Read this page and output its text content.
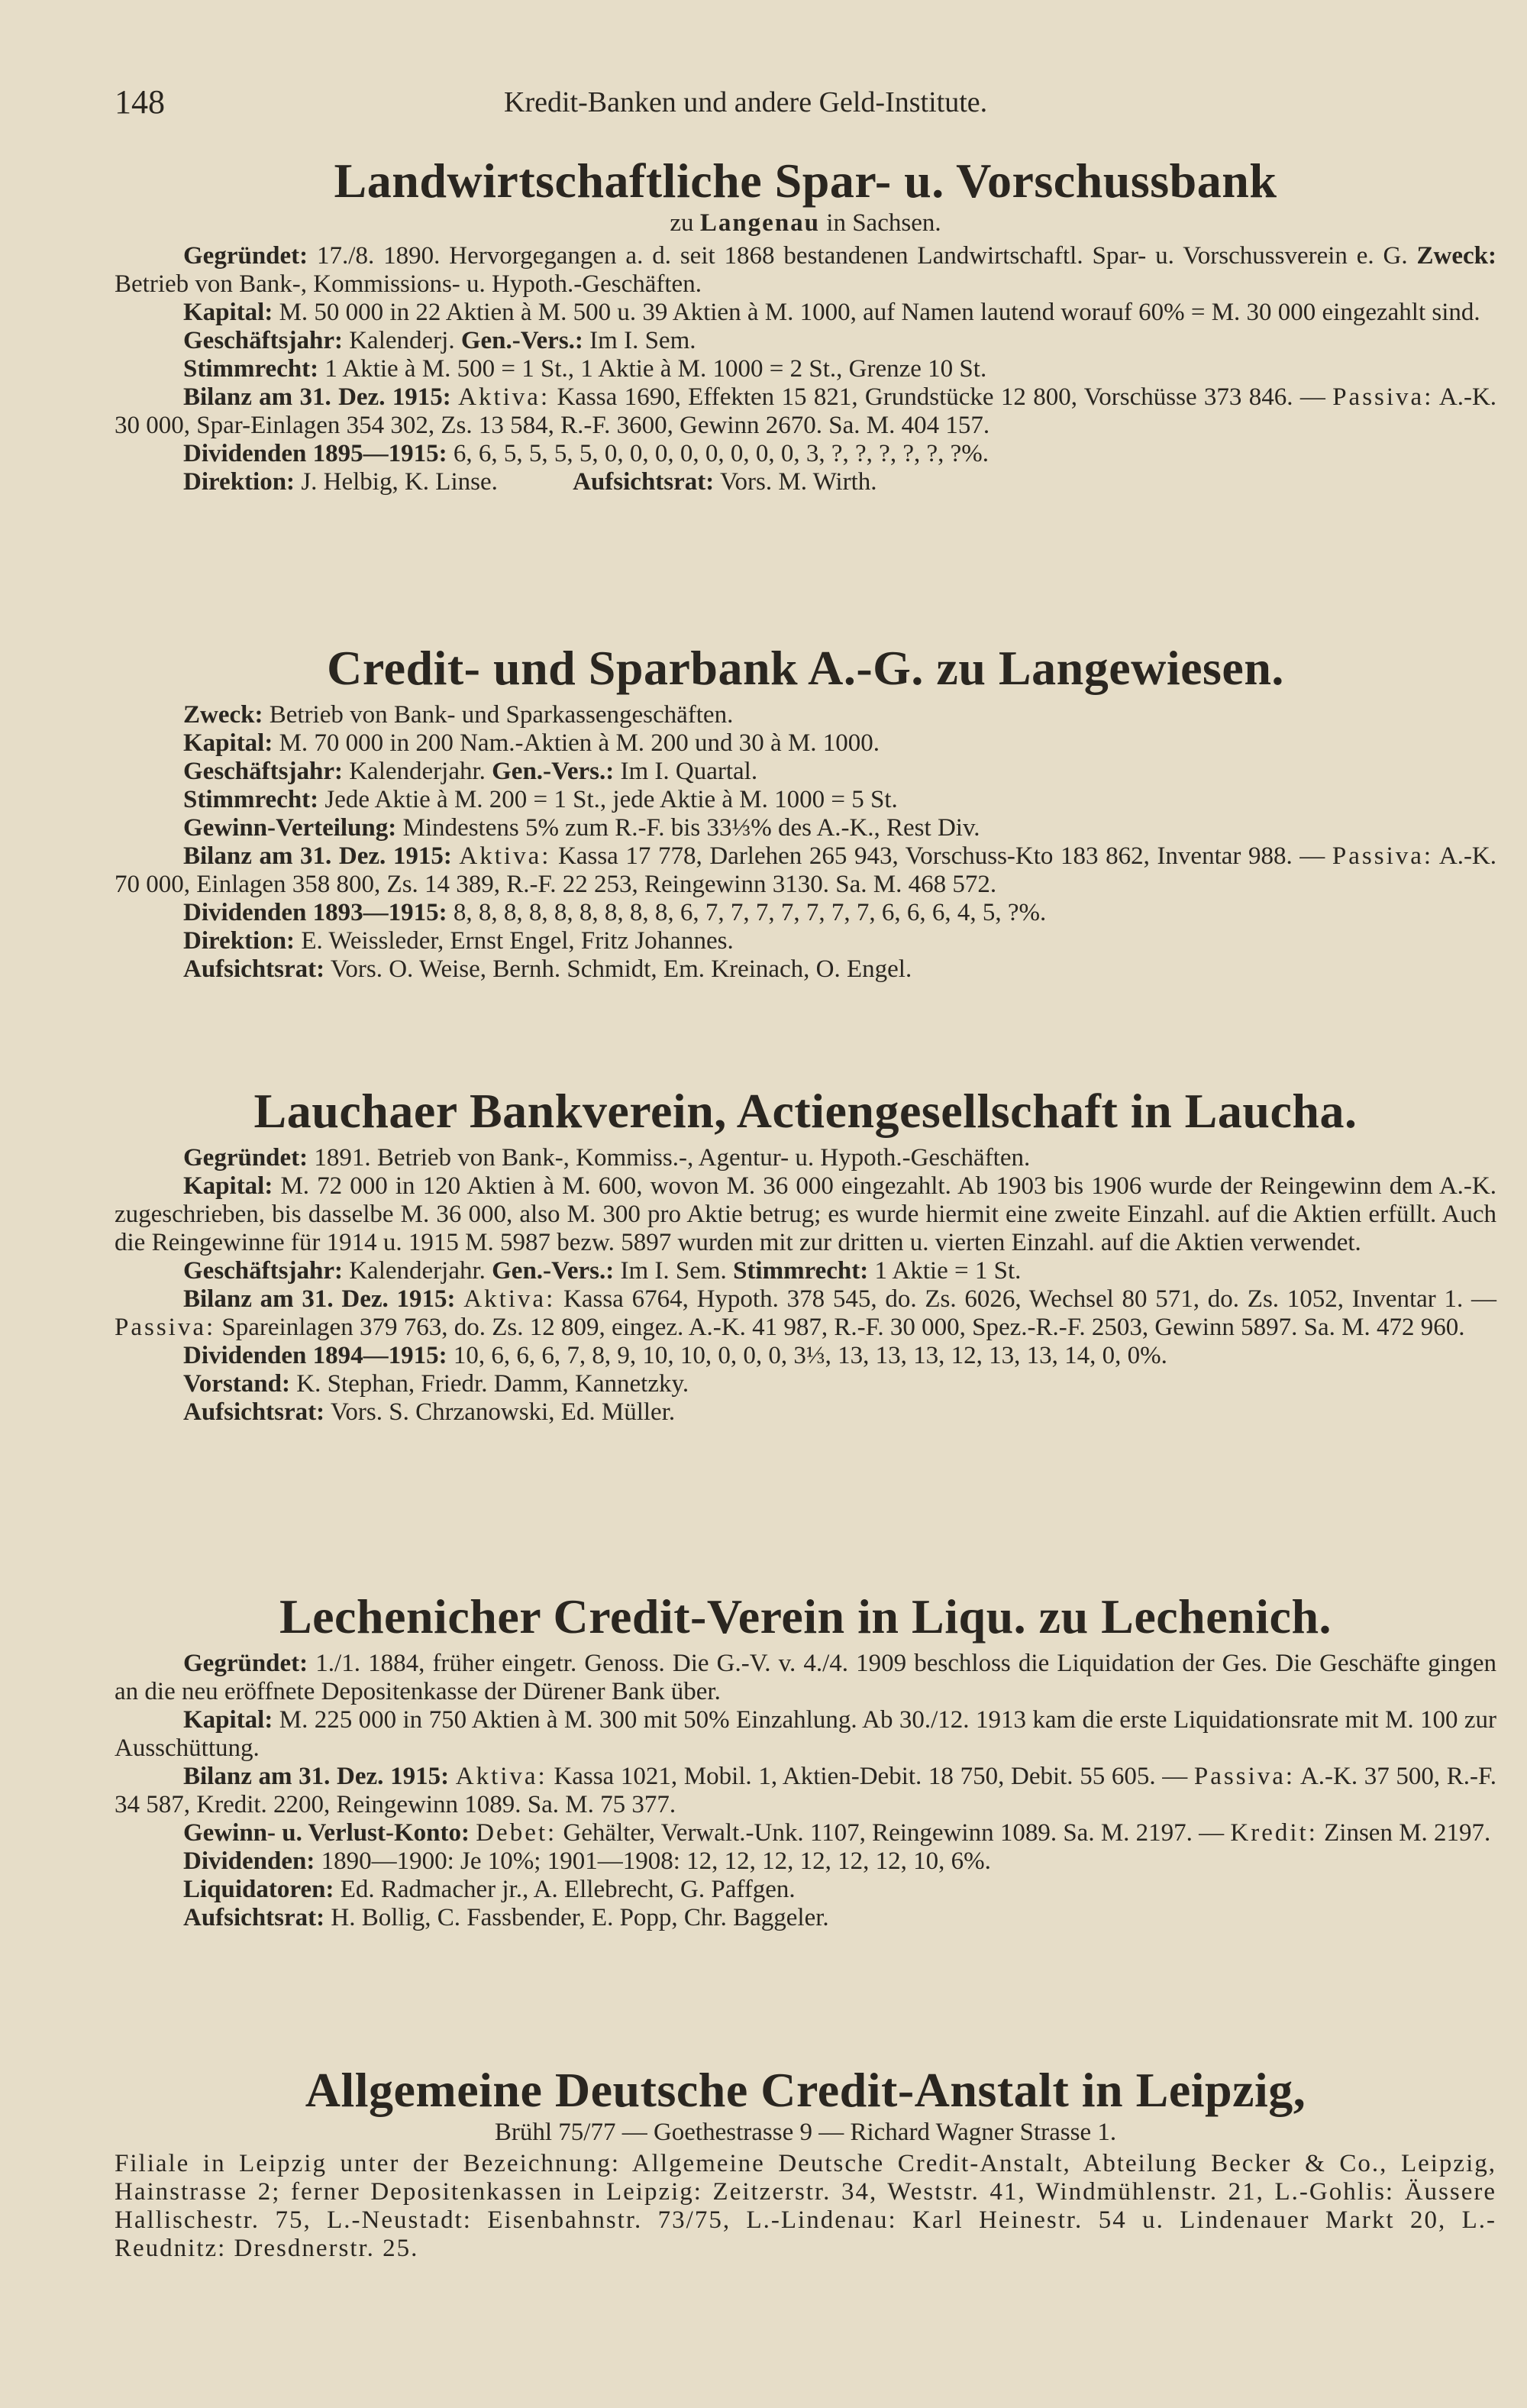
148	Kredit-Banken und andere Geld-Institute.
Landwirtschaftliche Spar- u. Vorschussbank
zu Langenau in Sachsen.
Gegründet: 17./8. 1890. Hervorgegangen a. d. seit 1868 bestandenen Landwirtschaftl. Spar- u. Vorschussverein e. G. Zweck: Betrieb von Bank-, Kommissions- u. Hypoth.-Geschäften.
Kapital: M. 50 000 in 22 Aktien à M. 500 u. 39 Aktien à M. 1000, auf Namen lautend worauf 60% = M. 30 000 eingezahlt sind.
Geschäftsjahr: Kalenderj. Gen.-Vers.: Im I. Sem.
Stimmrecht: 1 Aktie à M. 500 = 1 St., 1 Aktie à M. 1000 = 2 St., Grenze 10 St.
Bilanz am 31. Dez. 1915: Aktiva: Kassa 1690, Effekten 15 821, Grundstücke 12 800, Vorschüsse 373 846. — Passiva: A.-K. 30 000, Spar-Einlagen 354 302, Zs. 13 584, R.-F. 3600, Gewinn 2670. Sa. M. 404 157.
Dividenden 1895—1915: 6, 6, 5, 5, 5, 5, 0, 0, 0, 0, 0, 0, 0, 0, 3, ?, ?, ?, ?, ?, ?%.
Direktion: J. Helbig, K. Linse.	Aufsichtsrat: Vors. M. Wirth.
Credit- und Sparbank A.-G. zu Langewiesen.
Zweck: Betrieb von Bank- und Sparkassengeschäften.
Kapital: M. 70 000 in 200 Nam.-Aktien à M. 200 und 30 à M. 1000.
Geschäftsjahr: Kalenderjahr. Gen.-Vers.: Im I. Quartal.
Stimmrecht: Jede Aktie à M. 200 = 1 St., jede Aktie à M. 1000 = 5 St.
Gewinn-Verteilung: Mindestens 5% zum R.-F. bis 33⅓% des A.-K., Rest Div.
Bilanz am 31. Dez. 1915: Aktiva: Kassa 17 778, Darlehen 265 943, Vorschuss-Kto 183 862, Inventar 988. — Passiva: A.-K. 70 000, Einlagen 358 800, Zs. 14 389, R.-F. 22 253, Reingewinn 3130. Sa. M. 468 572.
Dividenden 1893—1915: 8, 8, 8, 8, 8, 8, 8, 8, 8, 6, 7, 7, 7, 7, 7, 7, 7, 6, 6, 6, 4, 5, ?%.
Direktion: E. Weissleder, Ernst Engel, Fritz Johannes.
Aufsichtsrat: Vors. O. Weise, Bernh. Schmidt, Em. Kreinach, O. Engel.
Lauchaer Bankverein, Actiengesellschaft in Laucha.
Gegründet: 1891. Betrieb von Bank-, Kommiss.-, Agentur- u. Hypoth.-Geschäften.
Kapital: M. 72 000 in 120 Aktien à M. 600, wovon M. 36 000 eingezahlt. Ab 1903 bis 1906 wurde der Reingewinn dem A.-K. zugeschrieben, bis dasselbe M. 36 000, also M. 300 pro Aktie betrug; es wurde hiermit eine zweite Einzahl. auf die Aktien erfüllt. Auch die Reingewinne für 1914 u. 1915 M. 5987 bezw. 5897 wurden mit zur dritten u. vierten Einzahl. auf die Aktien verwendet.
Geschäftsjahr: Kalenderjahr. Gen.-Vers.: Im I. Sem. Stimmrecht: 1 Aktie = 1 St.
Bilanz am 31. Dez. 1915: Aktiva: Kassa 6764, Hypoth. 378 545, do. Zs. 6026, Wechsel 80 571, do. Zs. 1052, Inventar 1. — Passiva: Spareinlagen 379 763, do. Zs. 12 809, eingez. A.-K. 41 987, R.-F. 30 000, Spez.-R.-F. 2503, Gewinn 5897. Sa. M. 472 960.
Dividenden 1894—1915: 10, 6, 6, 6, 7, 8, 9, 10, 10, 0, 0, 0, 3⅓, 13, 13, 13, 12, 13, 13, 14, 0, 0%.
Vorstand: K. Stephan, Friedr. Damm, Kannetzky.
Aufsichtsrat: Vors. S. Chrzanowski, Ed. Müller.
Lechenicher Credit-Verein in Liqu. zu Lechenich.
Gegründet: 1./1. 1884, früher eingetr. Genoss. Die G.-V. v. 4./4. 1909 beschloss die Liquidation der Ges. Die Geschäfte gingen an die neu eröffnete Depositenkasse der Dürener Bank über.
Kapital: M. 225 000 in 750 Aktien à M. 300 mit 50% Einzahlung. Ab 30./12. 1913 kam die erste Liquidationsrate mit M. 100 zur Ausschüttung.
Bilanz am 31. Dez. 1915: Aktiva: Kassa 1021, Mobil. 1, Aktien-Debit. 18 750, Debit. 55 605. — Passiva: A.-K. 37 500, R.-F. 34 587, Kredit. 2200, Reingewinn 1089. Sa. M. 75 377.
Gewinn- u. Verlust-Konto: Debet: Gehälter, Verwalt.-Unk. 1107, Reingewinn 1089. Sa. M. 2197. — Kredit: Zinsen M. 2197.
Dividenden: 1890—1900: Je 10%; 1901—1908: 12, 12, 12, 12, 12, 12, 10, 6%.
Liquidatoren: Ed. Radmacher jr., A. Ellebrecht, G. Paffgen.
Aufsichtsrat: H. Bollig, C. Fassbender, E. Popp, Chr. Baggeler.
Allgemeine Deutsche Credit-Anstalt in Leipzig,
Brühl 75/77 — Goethestrasse 9 — Richard Wagner Strasse 1.
Filiale in Leipzig unter der Bezeichnung: Allgemeine Deutsche Credit-Anstalt, Abteilung Becker & Co., Leipzig, Hainstrasse 2; ferner Depositenkassen in Leipzig: Zeitzerstr. 34, Weststr. 41, Windmühlenstr. 21, L.-Gohlis: Äussere Hallischestr. 75, L.-Neustadt: Eisenbahnstr. 73/75, L.-Lindenau: Karl Heinestr. 54 u. Lindenauer Markt 20, L.-Reudnitz: Dresdnerstr. 25.
